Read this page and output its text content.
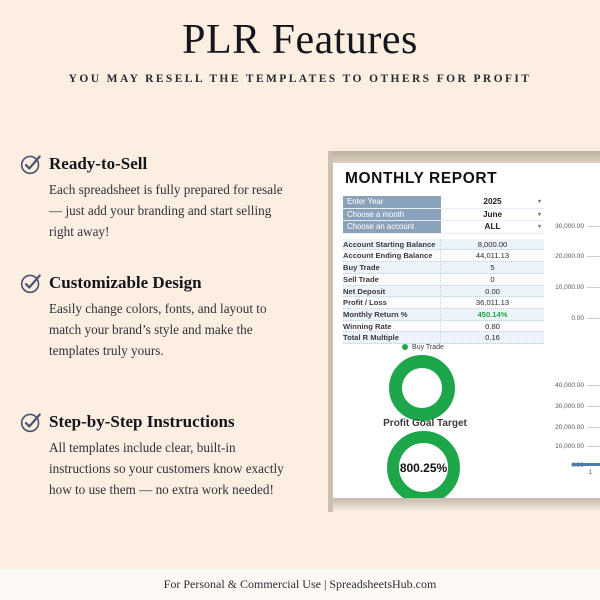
PLR Features
YOU MAY RESELL THE TEMPLATES TO OTHERS FOR PROFIT
Ready-to-Sell

Each spreadsheet is fully prepared for resale — just add your branding and start selling right away!

Customizable Design

Easily change colors, fonts, and layout to match your brand’s style and make the templates truly yours.

Step-by-Step Instructions

All templates include clear, built-in instructions so your customers know exactly how to use them — no extra work needed!

MONTHLY REPORT
Enter Year	2025
▾
Choose a month	June
▾
Choose an account	ALL
▾
Account Starting Balance	8,000.00
Account Ending Balance	44,011.13
Buy Trade	5
Sell Trade	0
Net Deposit	0.00
Profit / Loss	36,011.13
Monthly Return %	450.14%
Winning Rate	0.80
Total R Multiple	0.16
Buy Trade
Profit Goal Target
800.25%
30,000.00
20,000.00
10,000.00
0.00
40,000.00
30,000.00
20,000.00
10,000.00
1
For Personal & Commercial Use | SpreadsheetsHub.com
